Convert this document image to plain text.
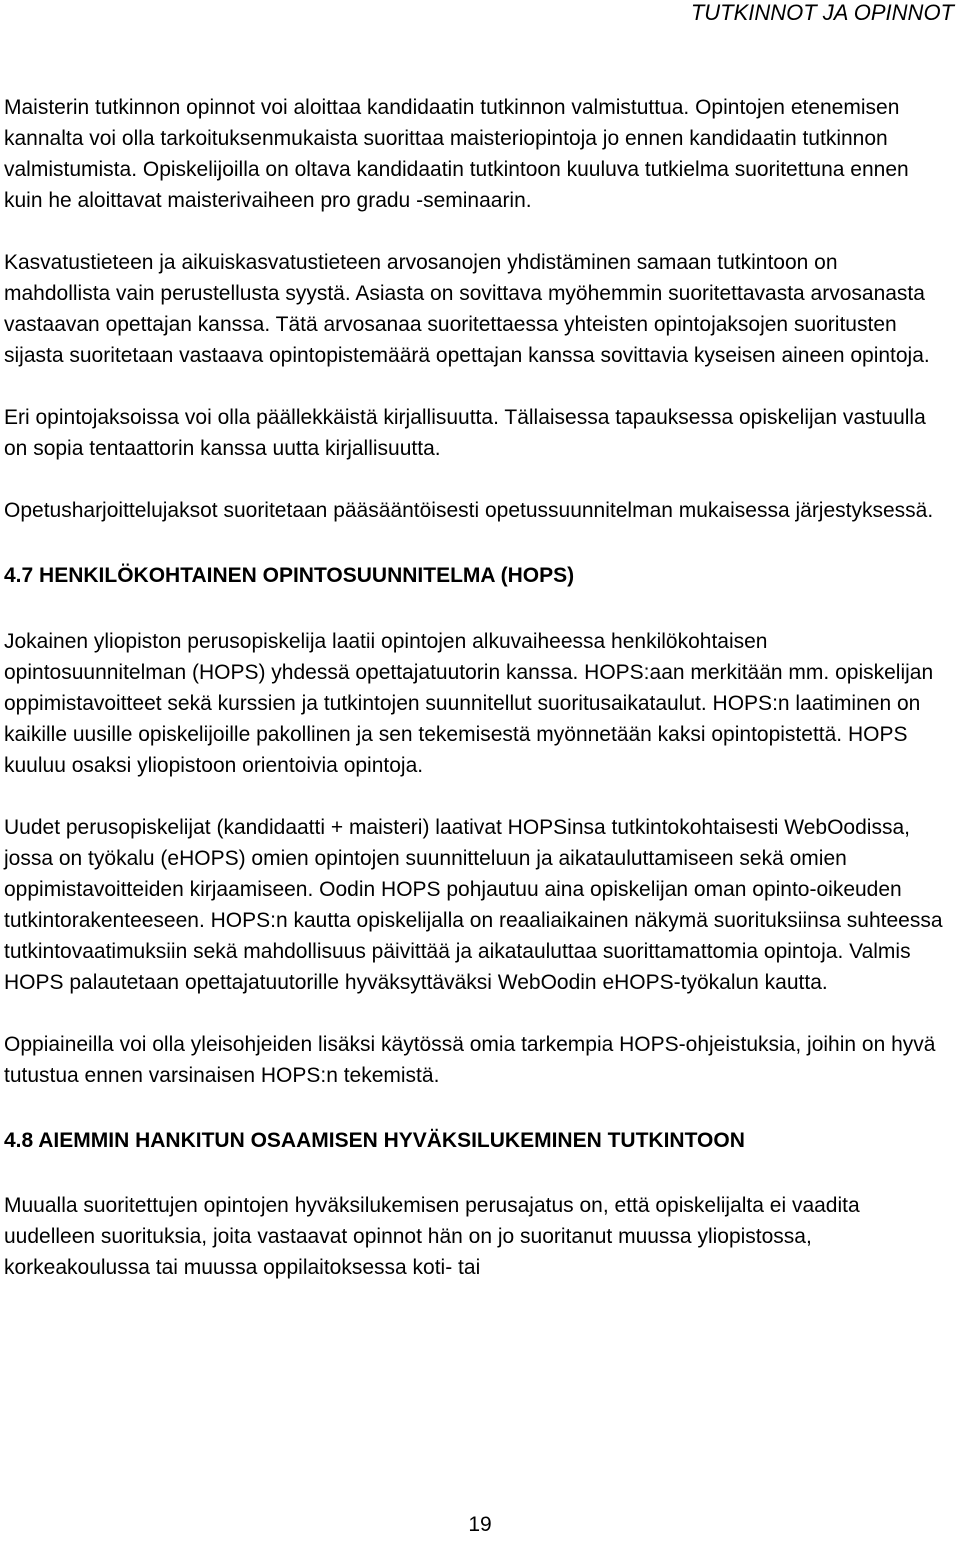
TUTKINNOT JA OPINNOT

Maisterin tutkinnon opinnot voi aloittaa kandidaatin tutkinnon valmistuttua. Opintojen etenemisen kannalta voi olla tarkoituksenmukaista suorittaa maisteriopintoja jo ennen kandidaatin tutkinnon valmistumista. Opiskelijoilla on oltava kandidaatin tutkintoon kuuluva tutkielma suoritettuna ennen kuin he aloittavat maisterivaiheen pro gradu -seminaarin.

Kasvatustieteen ja aikuiskasvatustieteen arvosanojen yhdistäminen samaan tutkintoon on mahdollista vain perustellusta syystä. Asiasta on sovittava myöhemmin suoritettavasta arvosanasta vastaavan opettajan kanssa. Tätä arvosanaa suoritettaessa yhteisten opintojaksojen suoritusten sijasta suoritetaan vastaava opintopistemäärä opettajan kanssa sovittavia kyseisen aineen opintoja.

Eri opintojaksoissa voi olla päällekkäistä kirjallisuutta. Tällaisessa tapauksessa opiskelijan vastuulla on sopia tentaattorin kanssa uutta kirjallisuutta.

Opetusharjoittelujaksot suoritetaan pääsääntöisesti opetussuunnitelman mukaisessa järjestyksessä.

4.7 HENKILÖKOHTAINEN OPINTOSUUNNITELMA (HOPS)

Jokainen yliopiston perusopiskelija laatii opintojen alkuvaiheessa henkilökohtaisen opintosuunnitelman (HOPS) yhdessä opettajatuutorin kanssa. HOPS:aan merkitään mm. opiskelijan oppimistavoitteet sekä kurssien ja tutkintojen suunnitellut suoritusaikataulut. HOPS:n laatiminen on kaikille uusille opiskelijoille pakollinen ja sen tekemisestä myönnetään kaksi opintopistettä. HOPS kuuluu osaksi yliopistoon orientoivia opintoja.

Uudet perusopiskelijat (kandidaatti + maisteri) laativat HOPSinsa tutkintokohtaisesti WebOodissa, jossa on työkalu (eHOPS) omien opintojen suunnitteluun ja aikatauluttamiseen sekä omien oppimistavoitteiden kirjaamiseen. Oodin HOPS pohjautuu aina opiskelijan oman opinto-oikeuden tutkintorakenteeseen. HOPS:n kautta opiskelijalla on reaaliaikainen näkymä suorituksiinsa suhteessa tutkintovaatimuksiin sekä mahdollisuus päivittää ja aikatauluttaa suorittamattomia opintoja. Valmis HOPS palautetaan opettajatuutorille hyväksyttäväksi WebOodin eHOPS-työkalun kautta.

Oppiaineilla voi olla yleisohjeiden lisäksi käytössä omia tarkempia HOPS-ohjeistuksia, joihin on hyvä tutustua ennen varsinaisen HOPS:n tekemistä.

4.8 AIEMMIN HANKITUN OSAAMISEN HYVÄKSILUKEMINEN TUTKINTOON

Muualla suoritettujen opintojen hyväksilukemisen perusajatus on, että opiskelijalta ei vaadita uudelleen suorituksia, joita vastaavat opinnot hän on jo suoritanut muussa yliopistossa, korkeakoulussa tai muussa oppilaitoksessa koti- tai

19
